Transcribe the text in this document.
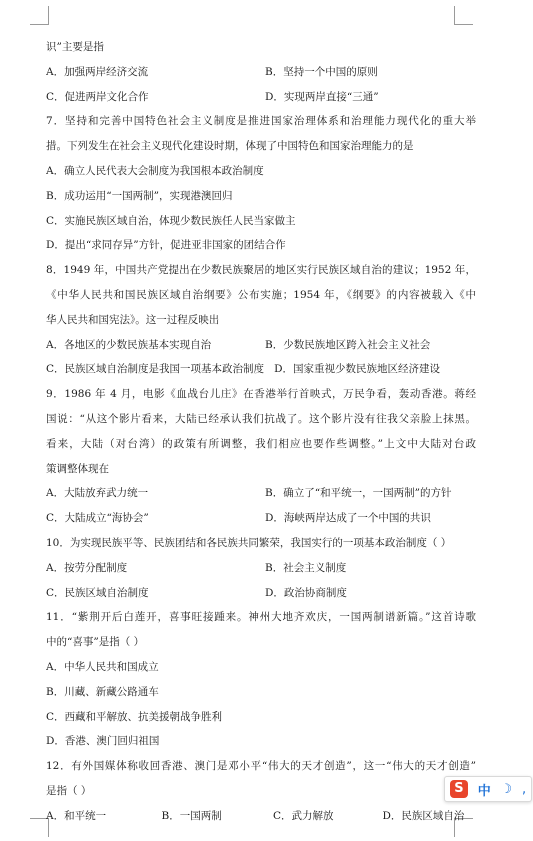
识”主要是指
A．加强两岸经济交流	B．坚持一个中国的原则
C．促进两岸文化合作	D．实现两岸直接“三通”
7．坚持和完善中国特色社会主义制度是推进国家治理体系和治理能力现代化的重大举
措。下列发生在社会主义现代化建设时期，体现了中国特色和国家治理能力的是
A．确立人民代表大会制度为我国根本政治制度
B．成功运用“一国两制”，实现港澳回归
C．实施民族区域自治，体现少数民族任人民当家做主
D．提出“求同存异”方针，促进亚非国家的团结合作
8．1949 年，中国共产党提出在少数民族聚居的地区实行民族区域自治的建议；1952 年，
《中华人民共和国民族区域自治纲要》公布实施；1954 年，《纲要》的内容被载入《中
华人民共和国宪法》。这一过程反映出
A．各地区的少数民族基本实现自治	B．少数民族地区跨入社会主义社会
C．民族区域自治制度是我国一项基本政治制度 D．国家重视少数民族地区经济建设
9．1986 年 4 月，电影《血战台儿庄》在香港举行首映式，万民争看，轰动香港。蒋经
国说：“从这个影片看来，大陆已经承认我们抗战了。这个影片没有往我父亲脸上抹黑。
看来，大陆（对台湾）的政策有所调整，我们相应也要作些调整。”上文中大陆对台政
策调整体现在
A．大陆放弃武力统一	B．确立了“和平统一，一国两制”的方针
C．大陆成立“海协会”	D．海峡两岸达成了一个中国的共识
10．为实现民族平等、民族团结和各民族共同繁荣，我国实行的一项基本政治制度（ ）
A．按劳分配制度	B．社会主义制度
C．民族区域自治制度	D．政治协商制度
11．“紫荆开后白莲开，喜事旺接踵来。神州大地齐欢庆，一国两制谱新篇。”这首诗歌
中的“喜事”是指（ ）
A．中华人民共和国成立
B．川藏、新藏公路通车
C．西藏和平解放、抗美援朝战争胜利
D．香港、澳门回归祖国
12．有外国媒体称收回香港、澳门是邓小平“伟大的天才创造”，这一“伟大的天才创造”
是指（ ）
A．和平统一	B．一国两制	C．武力解放	D．民族区域自治
S	中 ☽ ,
